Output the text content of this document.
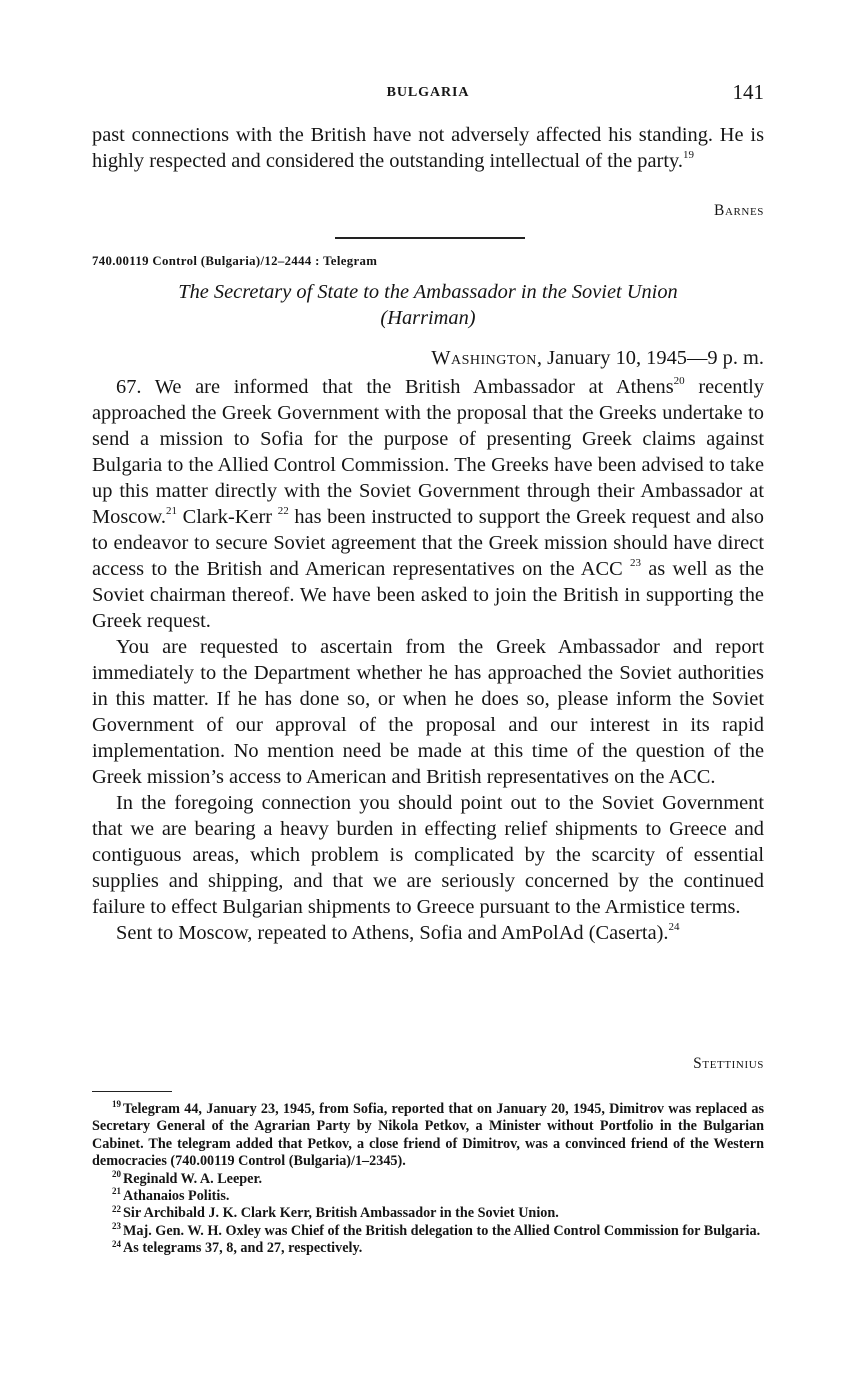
BULGARIA	141

past connections with the British have not adversely affected his standing. He is highly respected and considered the outstanding intellectual of the party.$^{19}$

Barnes
740.00119 Control (Bulgaria)/12–2444 : Telegram
The Secretary of State to the Ambassador in the Soviet Union
(Harriman)
Washington, January 10, 1945—9 p. m.

67. We are informed that the British Ambassador at Athens$^{20}$ recently approached the Greek Government with the proposal that the Greeks undertake to send a mission to Sofia for the purpose of presenting Greek claims against Bulgaria to the Allied Control Commission. The Greeks have been advised to take up this matter directly with the Soviet Government through their Ambassador at Moscow.$^{21}$ Clark-Kerr $^{22}$ has been instructed to support the Greek request and also to endeavor to secure Soviet agreement that the Greek mission should have direct access to the British and American representatives on the ACC $^{23}$ as well as the Soviet chairman thereof. We have been asked to join the British in supporting the Greek request.

You are requested to ascertain from the Greek Ambassador and report immediately to the Department whether he has approached the Soviet authorities in this matter. If he has done so, or when he does so, please inform the Soviet Government of our approval of the proposal and our interest in its rapid implementation. No mention need be made at this time of the question of the Greek mission’s access to American and British representatives on the ACC.

In the foregoing connection you should point out to the Soviet Government that we are bearing a heavy burden in effecting relief shipments to Greece and contiguous areas, which problem is complicated by the scarcity of essential supplies and shipping, and that we are seriously concerned by the continued failure to effect Bulgarian shipments to Greece pursuant to the Armistice terms.

Sent to Moscow, repeated to Athens, Sofia and AmPolAd (Caserta).$^{24}$

Stettinius

$^{19}$ Telegram 44, January 23, 1945, from Sofia, reported that on January 20, 1945, Dimitrov was replaced as Secretary General of the Agrarian Party by Nikola Petkov, a Minister without Portfolio in the Bulgarian Cabinet. The telegram added that Petkov, a close friend of Dimitrov, was a convinced friend of the Western democracies (740.00119 Control (Bulgaria)/1–2345).

$^{20}$ Reginald W. A. Leeper.

$^{21}$ Athanaios Politis.

$^{22}$ Sir Archibald J. K. Clark Kerr, British Ambassador in the Soviet Union.

$^{23}$ Maj. Gen. W. H. Oxley was Chief of the British delegation to the Allied Control Commission for Bulgaria.

$^{24}$ As telegrams 37, 8, and 27, respectively.
